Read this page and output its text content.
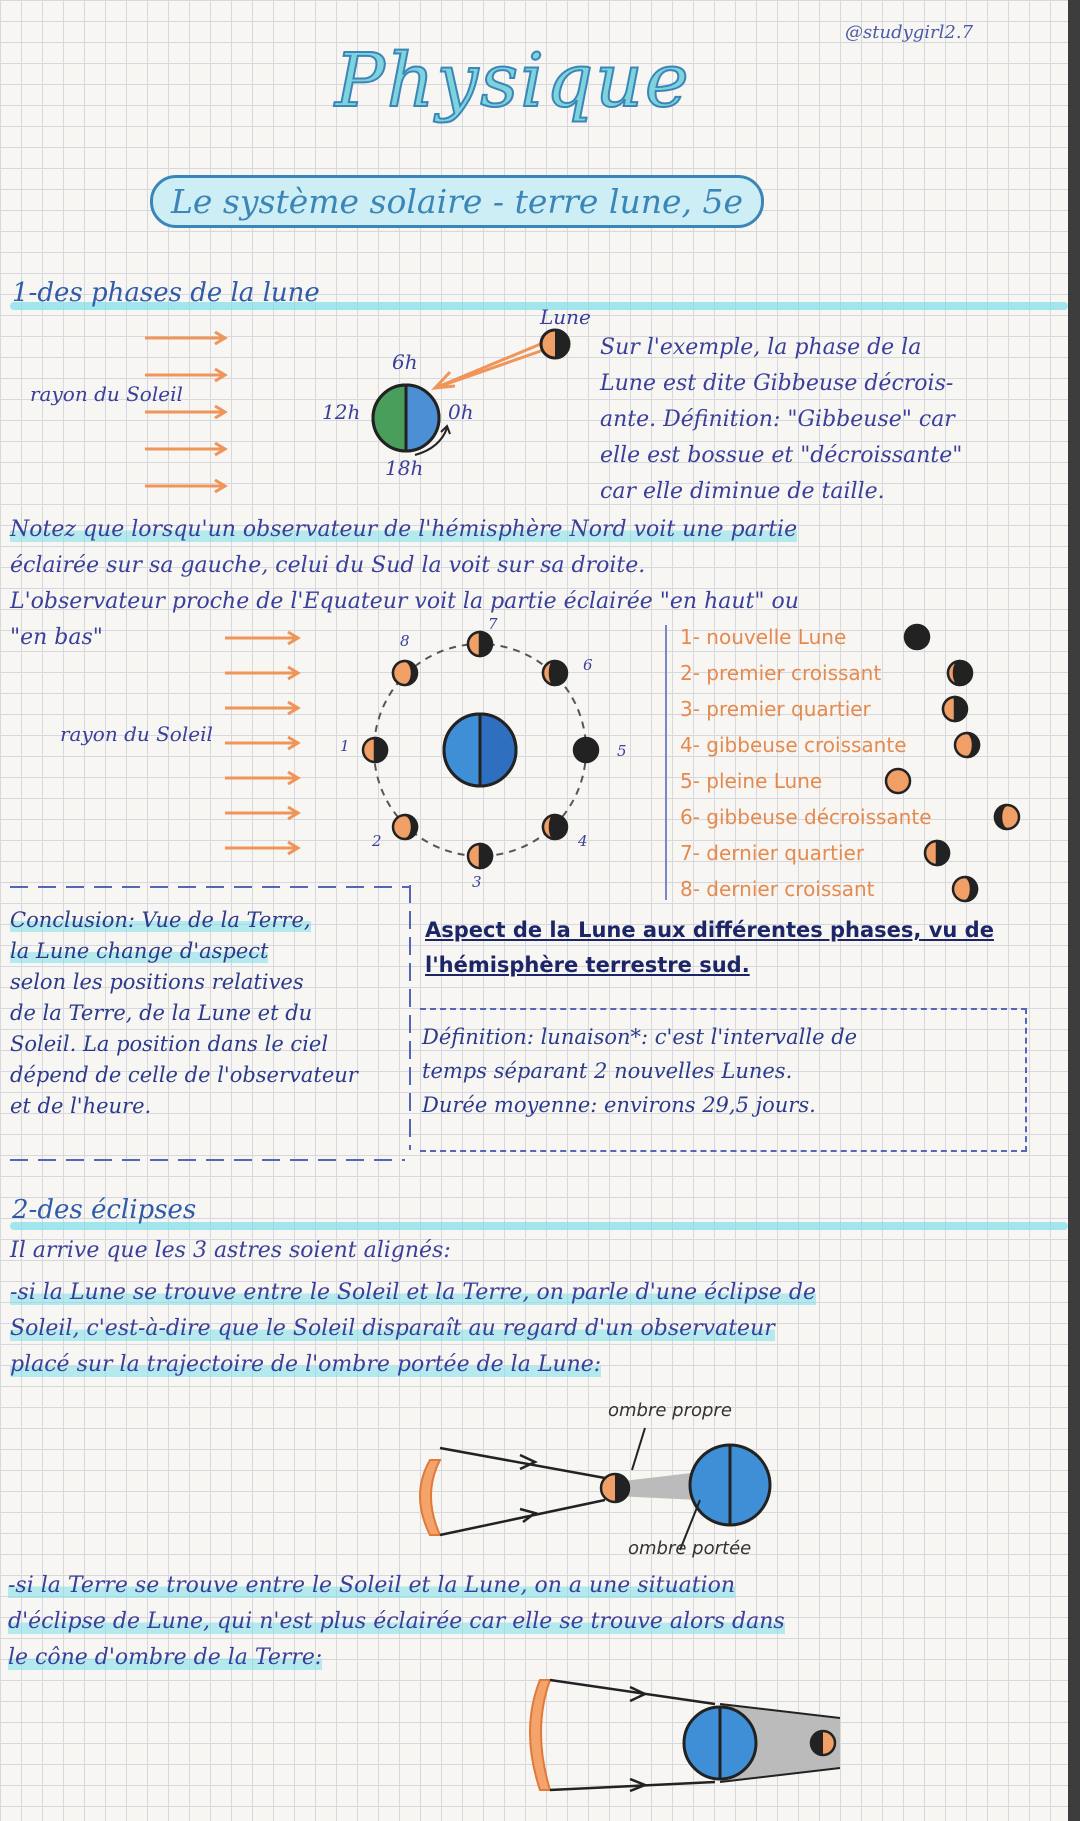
@studygirl2.7
Physique
Le système solaire - terre lune, 5e
1-des phases de la lune
rayon du Soleil
Lune
6h
12h	0h
18h
Sur l'exemple, la phase de la
Lune est dite Gibbeuse décrois-
ante. Définition: "Gibbeuse" car
elle est bossue et "décroissante"
car elle diminue de taille.
Notez que lorsqu'un observateur de l'hémisphère Nord voit une partie
éclairée sur sa gauche, celui du Sud la voit sur sa droite.
L'observateur proche de l'Equateur voit la partie éclairée "en haut" ou
"en bas"
rayon du Soleil	1
2
3
4
5
6
7
8	1- nouvelle Lune
2- premier croissant
3- premier quartier
4- gibbeuse croissante
5- pleine Lune
6- gibbeuse décroissante
7- dernier quartier
8- dernier croissant
Conclusion: Vue de la Terre,
la Lune change d'aspect
selon les positions relatives
de la Terre, de la Lune et du
Soleil. La position dans le ciel
dépend de celle de l'observateur
et de l'heure.
Aspect de la Lune aux différentes phases, vu de
l'hémisphère terrestre sud.
Définition: lunaison*: c'est l'intervalle de
temps séparant 2 nouvelles Lunes.
Durée moyenne: environs 29,5 jours.
2-des éclipses
Il arrive que les 3 astres soient alignés:
-si la Lune se trouve entre le Soleil et la Terre, on parle d'une éclipse de
Soleil, c'est-à-dire que le Soleil disparaît au regard d'un observateur
placé sur la trajectoire de l'ombre portée de la Lune:
ombre propre
ombre portée
-si la Terre se trouve entre le Soleil et la Lune, on a une situation
d'éclipse de Lune, qui n'est plus éclairée car elle se trouve alors dans
le cône d'ombre de la Terre:
